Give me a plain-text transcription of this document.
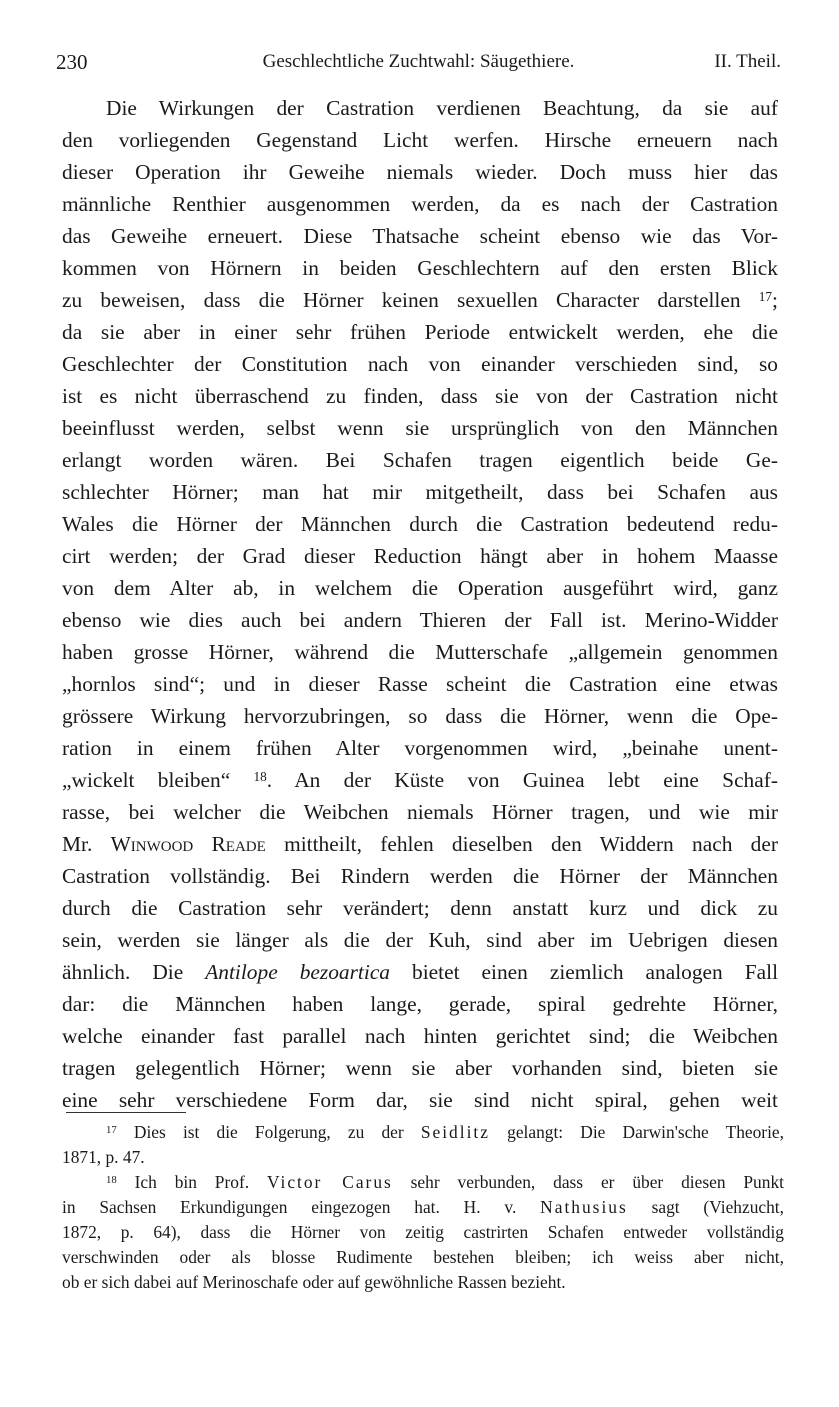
230	Geschlechtliche Zuchtwahl: Säugethiere.	II. Theil.
Die Wirkungen der Castration verdienen Beachtung, da sie auf
den vorliegenden Gegenstand Licht werfen. Hirsche erneuern nach
dieser Operation ihr Geweihe niemals wieder. Doch muss hier das
männliche Renthier ausgenommen werden, da es nach der Castration
das Geweihe erneuert. Diese Thatsache scheint ebenso wie das Vor-
kommen von Hörnern in beiden Geschlechtern auf den ersten Blick
zu beweisen, dass die Hörner keinen sexuellen Character darstellen $^{17}$;
da sie aber in einer sehr frühen Periode entwickelt werden, ehe die
Geschlechter der Constitution nach von einander verschieden sind, so
ist es nicht überraschend zu finden, dass sie von der Castration nicht
beeinflusst werden, selbst wenn sie ursprünglich von den Männchen
erlangt worden wären. Bei Schafen tragen eigentlich beide Ge-
schlechter Hörner; man hat mir mitgetheilt, dass bei Schafen aus
Wales die Hörner der Männchen durch die Castration bedeutend redu-
cirt werden; der Grad dieser Reduction hängt aber in hohem Maasse
von dem Alter ab, in welchem die Operation ausgeführt wird, ganz
ebenso wie dies auch bei andern Thieren der Fall ist. Merino-Widder
haben grosse Hörner, während die Mutterschafe „allgemein genommen
„hornlos sind“; und in dieser Rasse scheint die Castration eine etwas
grössere Wirkung hervorzubringen, so dass die Hörner, wenn die Ope-
ration in einem frühen Alter vorgenommen wird, „beinahe unent-
„wickelt bleiben“ $^{18}$. An der Küste von Guinea lebt eine Schaf-
rasse, bei welcher die Weibchen niemals Hörner tragen, und wie mir
Mr. Winwood Reade mittheilt, fehlen dieselben den Widdern nach der
Castration vollständig. Bei Rindern werden die Hörner der Männchen
durch die Castration sehr verändert; denn anstatt kurz und dick zu
sein, werden sie länger als die der Kuh, sind aber im Uebrigen diesen
ähnlich. Die Antilope bezoartica bietet einen ziemlich analogen Fall
dar: die Männchen haben lange, gerade, spiral gedrehte Hörner,
welche einander fast parallel nach hinten gerichtet sind; die Weibchen
tragen gelegentlich Hörner; wenn sie aber vorhanden sind, bieten sie
eine sehr verschiedene Form dar, sie sind nicht spiral, gehen weit
$^{17}$ Dies ist die Folgerung, zu der Seidlitz gelangt: Die Darwin'sche Theorie,
1871, p. 47.
$^{18}$ Ich bin Prof. Victor Carus sehr verbunden, dass er über diesen Punkt
in Sachsen Erkundigungen eingezogen hat. H. v. Nathusius sagt (Viehzucht,
1872, p. 64), dass die Hörner von zeitig castrirten Schafen entweder vollständig
verschwinden oder als blosse Rudimente bestehen bleiben; ich weiss aber nicht,
ob er sich dabei auf Merinoschafe oder auf gewöhnliche Rassen bezieht.
